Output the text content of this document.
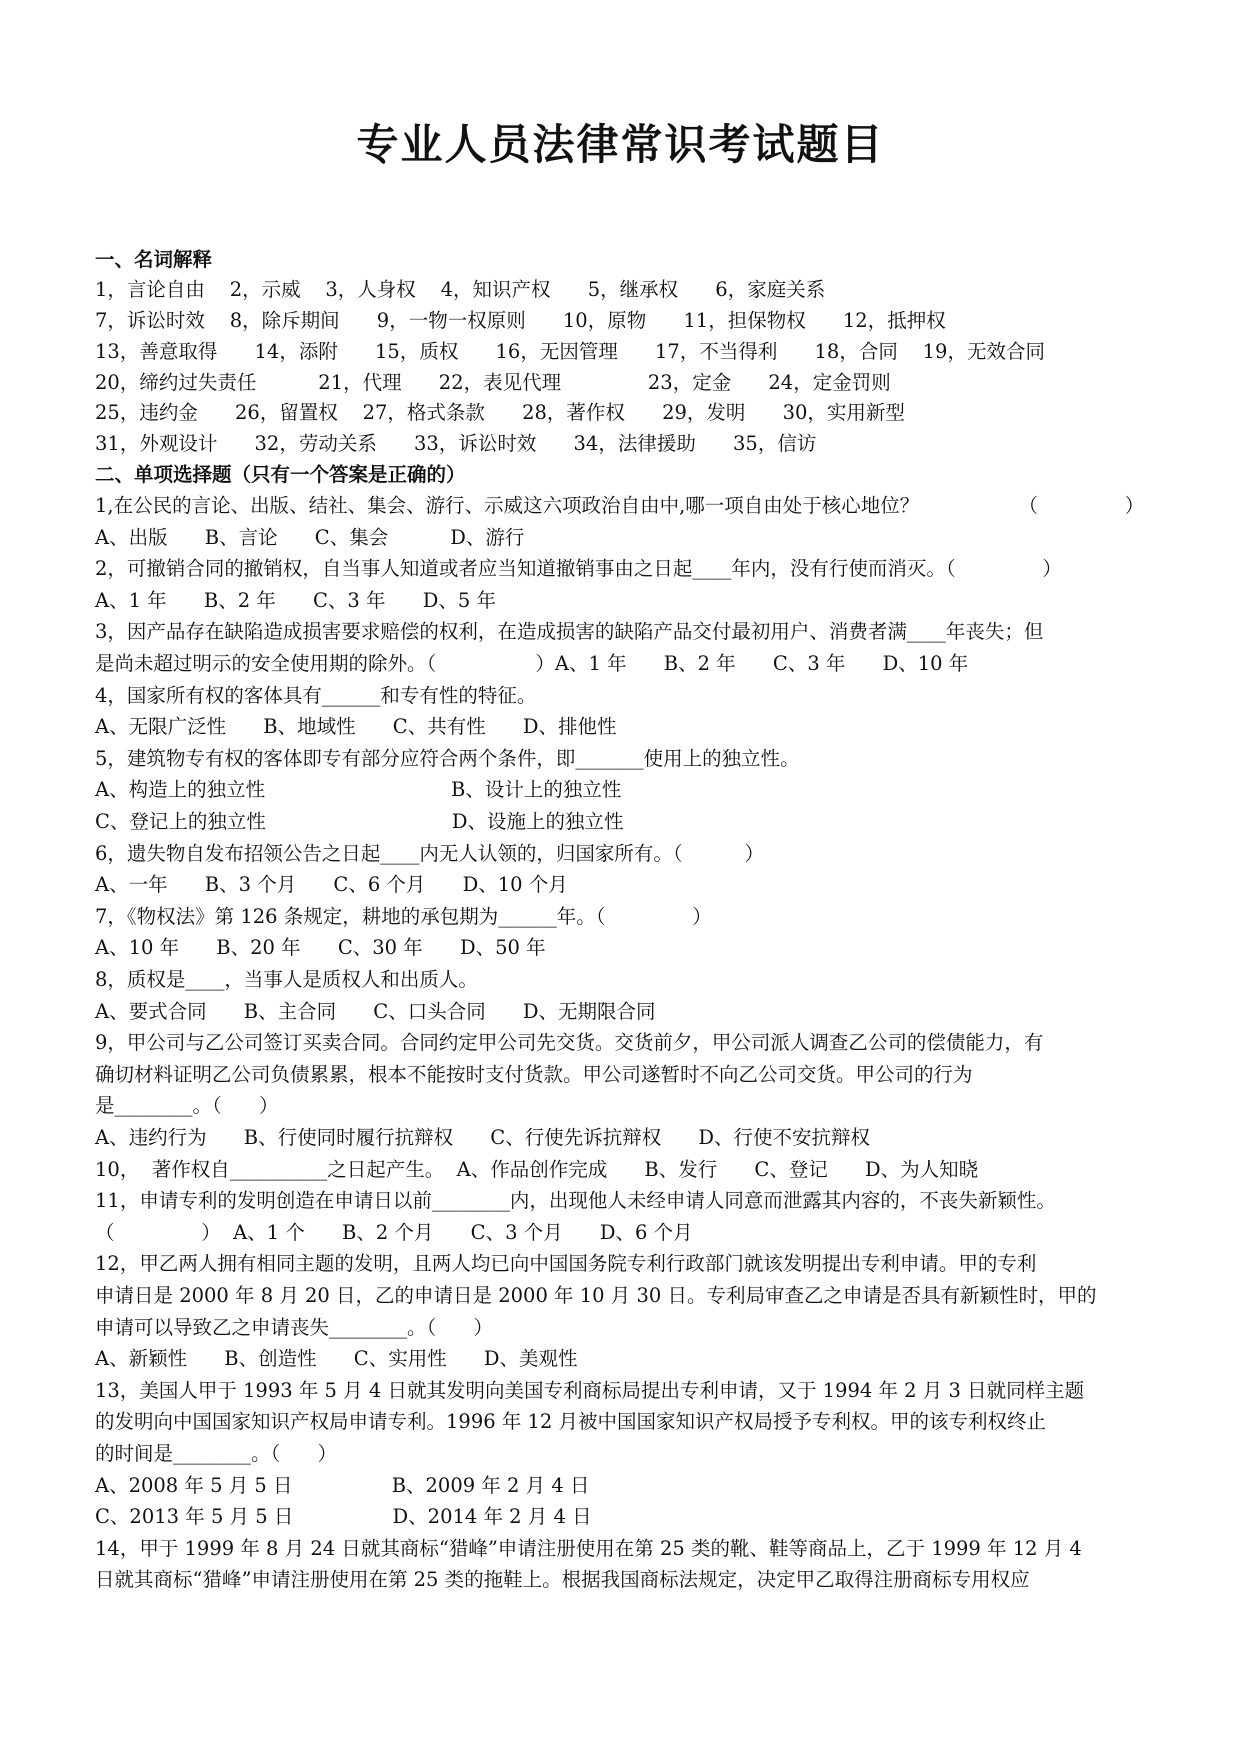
专业人员法律常识考试题目
一、名词解释
1，言论自由    2，示威    3，人身权    4，知识产权      5，继承权      6，家庭关系
7，诉讼时效    8，除斥期间      9，一物一权原则      10，原物      11，担保物权      12，抵押权
13，善意取得      14，添附      15，质权      16，无因管理      17，不当得利      18，合同    19，无效合同
20，缔约过失责任          21，代理      22，表见代理              23，定金      24，定金罚则
25，违约金      26，留置权    27，格式条款      28，著作权      29，发明      30，实用新型
31，外观设计      32，劳动关系      33，诉讼时效      34，法律援助      35，信访
二、单项选择题（只有一个答案是正确的）
1,在公民的言论、出版、结社、集会、游行、示威这六项政治自由中,哪一项自由处于核心地位？                （              ）
A、出版      B、言论      C、集会          D、游行
2，可撤销合同的撤销权，自当事人知道或者应当知道撤销事由之日起____年内，没有行使而消灭。（              ）
A、1 年      B、2 年      C、3 年      D、5 年
3，因产品存在缺陷造成损害要求赔偿的权利，在造成损害的缺陷产品交付最初用户、消费者满____年丧失；但
是尚未超过明示的安全使用期的除外。（                ）A、1 年      B、2 年      C、3 年      D、10 年
4，国家所有权的客体具有______和专有性的特征。
A、无限广泛性      B、地域性      C、共有性      D、排他性
5，建筑物专有权的客体即专有部分应符合两个条件，即_______使用上的独立性。
A、构造上的独立性                              B、设计上的独立性
C、登记上的独立性                              D、设施上的独立性
6，遗失物自发布招领公告之日起____内无人认领的，归国家所有。（          ）
A、一年      B、3 个月      C、6 个月      D、10 个月
7，《物权法》第 126 条规定，耕地的承包期为______年。（              ）
A、10 年      B、20 年      C、30 年      D、50 年
8，质权是____，当事人是质权人和出质人。
A、要式合同      B、主合同      C、口头合同      D、无期限合同
9，甲公司与乙公司签订买卖合同。合同约定甲公司先交货。交货前夕，甲公司派人调查乙公司的偿债能力，有
确切材料证明乙公司负债累累，根本不能按时支付货款。甲公司遂暂时不向乙公司交货。甲公司的行为
是________。（      ）
A、违约行为      B、行使同时履行抗辩权      C、行使先诉抗辩权      D、行使不安抗辩权
10，  著作权自__________之日起产生。  A、作品创作完成      B、发行      C、登记      D、为人知晓
11，申请专利的发明创造在申请日以前________内，出现他人未经申请人同意而泄露其内容的，不丧失新颖性。
（              ）  A、1 个      B、2 个月      C、3 个月      D、6 个月
12，甲乙两人拥有相同主题的发明，且两人均已向中国国务院专利行政部门就该发明提出专利申请。甲的专利
申请日是 2000 年 8 月 20 日，乙的申请日是 2000 年 10 月 30 日。专利局审查乙之申请是否具有新颖性时，甲的
申请可以导致乙之申请丧失________。（      ）
A、新颖性      B、创造性      C、实用性      D、美观性
13，美国人甲于 1993 年 5 月 4 日就其发明向美国专利商标局提出专利申请，又于 1994 年 2 月 3 日就同样主题
的发明向中国国家知识产权局申请专利。1996 年 12 月被中国国家知识产权局授予专利权。甲的该专利权终止
的时间是________。（      ）
A、2008 年 5 月 5 日                B、2009 年 2 月 4 日
C、2013 年 5 月 5 日                D、2014 年 2 月 4 日
14，甲于 1999 年 8 月 24 日就其商标“猎峰”申请注册使用在第 25 类的靴、鞋等商品上，乙于 1999 年 12 月 4
日就其商标“猎峰”申请注册使用在第 25 类的拖鞋上。根据我国商标法规定，决定甲乙取得注册商标专用权应
